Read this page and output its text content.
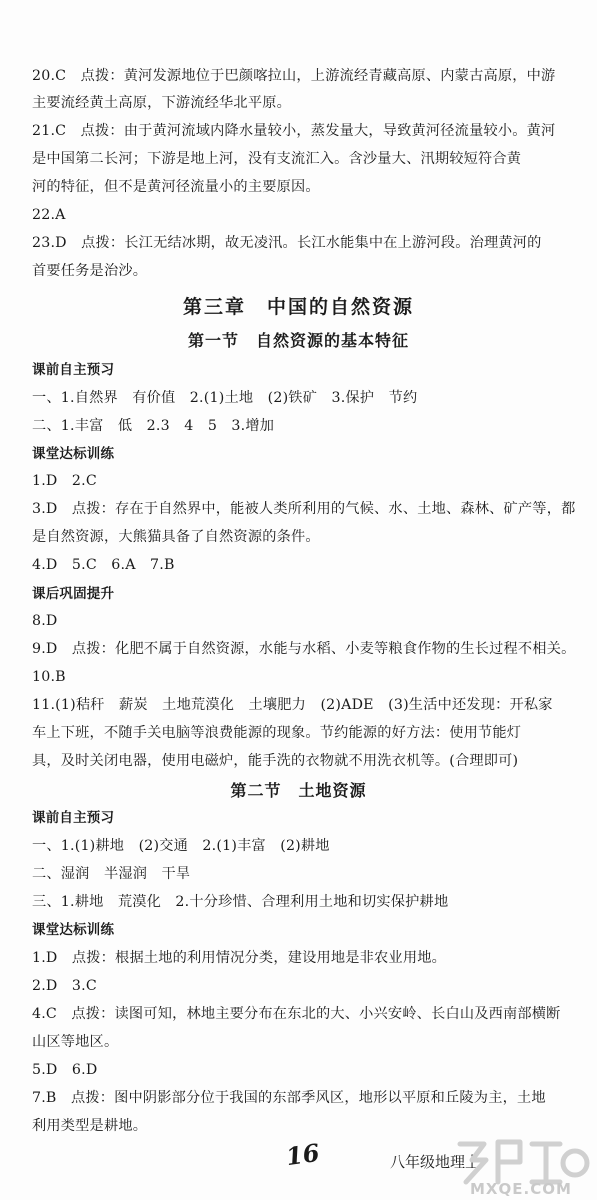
20.C　点拨：黄河发源地位于巴颜喀拉山，上游流经青藏高原、内蒙古高原，中游
主要流经黄土高原，下游流经华北平原。
21.C　点拨：由于黄河流域内降水量较小，蒸发量大，导致黄河径流量较小。黄河
是中国第二长河；下游是地上河，没有支流汇入。含沙量大、汛期较短符合黄
河的特征，但不是黄河径流量小的主要原因。
22.A
23.D　点拨：长江无结冰期，故无凌汛。长江水能集中在上游河段。治理黄河的
首要任务是治沙。
第三章　中国的自然资源
第一节　自然资源的基本特征
课前自主预习
一、1.自然界　有价值　2.(1)土地　(2)铁矿　3.保护　节约
二、1.丰富　低　2.3　4　5　3.增加
课堂达标训练
1.D　2.C
3.D　点拨：存在于自然界中，能被人类所利用的气候、水、土地、森林、矿产等，都
是自然资源，大熊猫具备了自然资源的条件。
4.D　5.C　6.A　7.B
课后巩固提升
8.D
9.D　点拨：化肥不属于自然资源，水能与水稻、小麦等粮食作物的生长过程不相关。
10.B
11.(1)秸秆　薪炭　土地荒漠化　土壤肥力　(2)ADE　(3)生活中还发现：开私家
车上下班，不随手关电脑等浪费能源的现象。节约能源的好方法：使用节能灯
具，及时关闭电器，使用电磁炉，能手洗的衣物就不用洗衣机等。(合理即可)
第二节　土地资源
课前自主预习
一、1.(1)耕地　(2)交通　2.(1)丰富　(2)耕地
二、湿润　半湿润　干旱
三、1.耕地　荒漠化　2.十分珍惜、合理利用土地和切实保护耕地
课堂达标训练
1.D　点拨：根据土地的利用情况分类，建设用地是非农业用地。
2.D　3.C
4.C　点拨：读图可知，林地主要分布在东北的大、小兴安岭、长白山及西南部横断
山区等地区。
5.D　6.D
7.B　点拨：图中阴影部分位于我国的东部季风区，地形以平原和丘陵为主，土地
利用类型是耕地。
16	八年级地理上
MXQE.COM
